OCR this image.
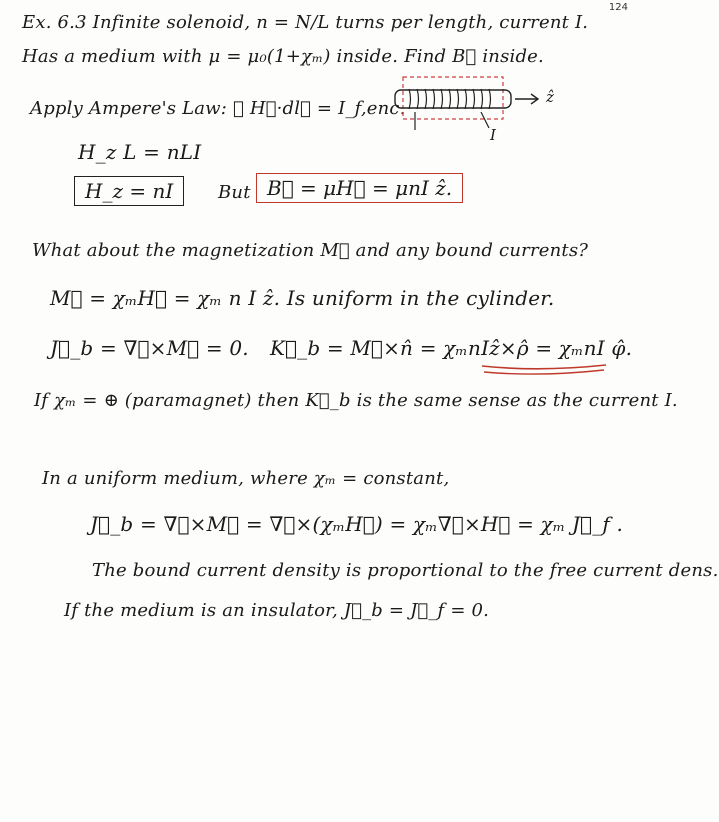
124
Ex. 6.3 Infinite solenoid, n = N/L turns per length, current I.
Has a medium with μ = μ₀(1+χₘ) inside. Find B⃗ inside.
Apply Ampere's Law: ∮ H⃗·dl⃗ = I_f,enc.
ẑ
I
H_z L = nLI
H_z = nI	But B⃗ = μH⃗ = μnI ẑ.
What about the magnetization M⃗ and any bound currents?
M⃗ = χₘH⃗ = χₘ n I ẑ. Is uniform in the cylinder.
J⃗_b = ∇⃗×M⃗ = 0. K⃗_b = M⃗×n̂ = χₘnIẑ×ρ̂ = χₘnI φ̂.
If χₘ = ⊕ (paramagnet) then K⃗_b is the same sense as the current I.
In a uniform medium, where χₘ = constant,
J⃗_b = ∇⃗×M⃗ = ∇⃗×(χₘH⃗) = χₘ∇⃗×H⃗ = χₘ J⃗_f .
The bound current density is proportional to the free current dens.
If the medium is an insulator, J⃗_b = J⃗_f = 0.
